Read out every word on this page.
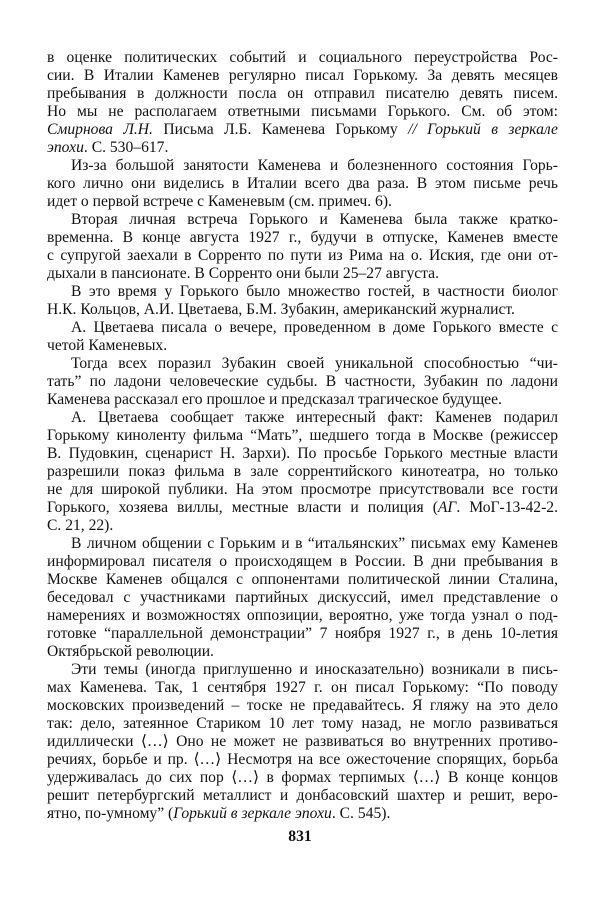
в оценке политических событий и социального переустройства Рос-
сии. В Италии Каменев регулярно писал Горькому. За девять месяцев
пребывания в должности посла он отправил писателю девять писем.
Но мы не располагаем ответными письмами Горького. См. об этом:
Смирнова Л.Н. Письма Л.Б. Каменева Горькому // Горький в зеркале
эпохи. С. 530–617.
Из-за большой занятости Каменева и болезненного состояния Горь-
кого лично они виделись в Италии всего два раза. В этом письме речь
идет о первой встрече с Каменевым (см. примеч. 6).
Вторая личная встреча Горького и Каменева была также кратко-
временна. В конце августа 1927 г., будучи в отпуске, Каменев вместе
с супругой заехали в Сорренто по пути из Рима на о. Иския, где они от-
дыхали в пансионате. В Сорренто они были 25–27 августа.
В это время у Горького было множество гостей, в частности биолог
Н.К. Кольцов, А.И. Цветаева, Б.М. Зубакин, американский журналист.
А. Цветаева писала о вечере, проведенном в доме Горького вместе с
четой Каменевых.
Тогда всех поразил Зубакин своей уникальной способностью “чи-
тать” по ладони человеческие судьбы. В частности, Зубакин по ладони
Каменева рассказал его прошлое и предсказал трагическое будущее.
А. Цветаева сообщает также интересный факт: Каменев подарил
Горькому киноленту фильма “Мать”, шедшего тогда в Москве (режиссер
В. Пудовкин, сценарист Н. Зархи). По просьбе Горького местные власти
разрешили показ фильма в зале соррентийского кинотеатра, но только
не для широкой публики. На этом просмотре присутствовали все гости
Горького, хозяева виллы, местные власти и полиция (АГ. МоГ-13-42-2.
С. 21, 22).
В личном общении с Горьким и в “итальянских” письмах ему Каменев
информировал писателя о происходящем в России. В дни пребывания в
Москве Каменев общался с оппонентами политической линии Сталина,
беседовал с участниками партийных дискуссий, имел представление о
намерениях и возможностях оппозиции, вероятно, уже тогда узнал о под-
готовке “параллельной демонстрации” 7 ноября 1927 г., в день 10-летия
Октябрьской революции.
Эти темы (иногда приглушенно и иносказательно) возникали в пись-
мах Каменева. Так, 1 сентября 1927 г. он писал Горькому: “По поводу
московских произведений – тоске не предавайтесь. Я гляжу на это дело
так: дело, затеянное Стариком 10 лет тому назад, не могло развиваться
идиллически ⟨…⟩ Оно не может не развиваться во внутренних противо-
речиях, борьбе и пр. ⟨…⟩ Несмотря на все ожесточение спорящих, борьба
удерживалась до сих пор ⟨…⟩ в формах терпимых ⟨…⟩ В конце концов
решит петербургский металлист и донбасовский шахтер и решит, веро-
ятно, по-умному” (Горький в зеркале эпохи. С. 545).
831
